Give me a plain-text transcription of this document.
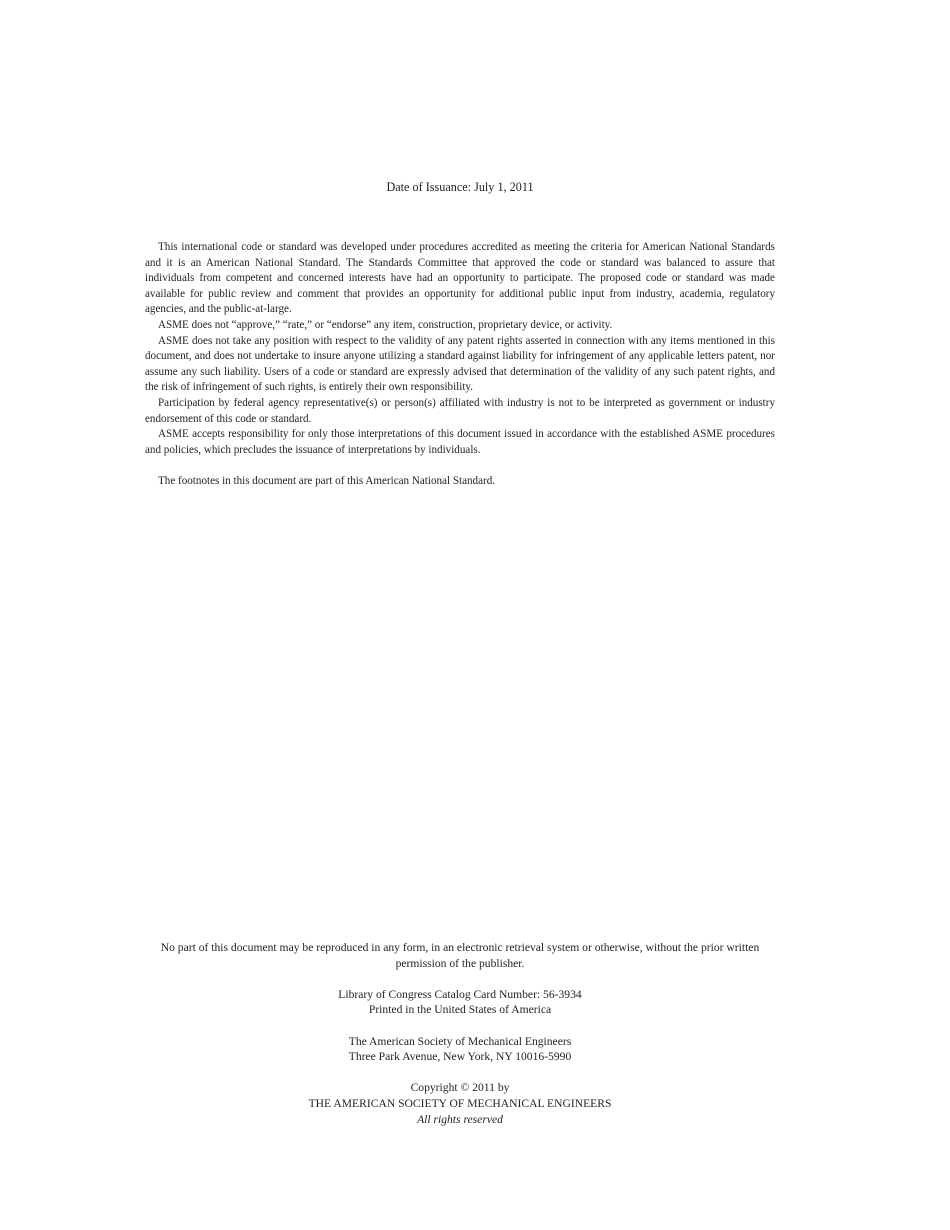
Date of Issuance: July 1, 2011

This international code or standard was developed under procedures accredited as meeting the criteria for American National Standards and it is an American National Standard. The Standards Committee that approved the code or standard was balanced to assure that individuals from competent and concerned interests have had an opportunity to participate. The proposed code or standard was made available for public review and comment that provides an opportunity for additional public input from industry, academia, regulatory agencies, and the public-at-large.

ASME does not “approve,” “rate,” or “endorse” any item, construction, proprietary device, or activity.

ASME does not take any position with respect to the validity of any patent rights asserted in connection with any items mentioned in this document, and does not undertake to insure anyone utilizing a standard against liability for infringement of any applicable letters patent, nor assume any such liability. Users of a code or standard are expressly advised that determination of the validity of any such patent rights, and the risk of infringement of such rights, is entirely their own responsibility.

Participation by federal agency representative(s) or person(s) affiliated with industry is not to be interpreted as government or industry endorsement of this code or standard.

ASME accepts responsibility for only those interpretations of this document issued in accordance with the established ASME procedures and policies, which precludes the issuance of interpretations by individuals.

The footnotes in this document are part of this American National Standard.

No part of this document may be reproduced in any form, in an electronic retrieval system or otherwise, without the prior written permission of the publisher.

Library of Congress Catalog Card Number: 56-3934

Printed in the United States of America

The American Society of Mechanical Engineers

Three Park Avenue, New York, NY 10016-5990

Copyright © 2011 by

THE AMERICAN SOCIETY OF MECHANICAL ENGINEERS

All rights reserved
